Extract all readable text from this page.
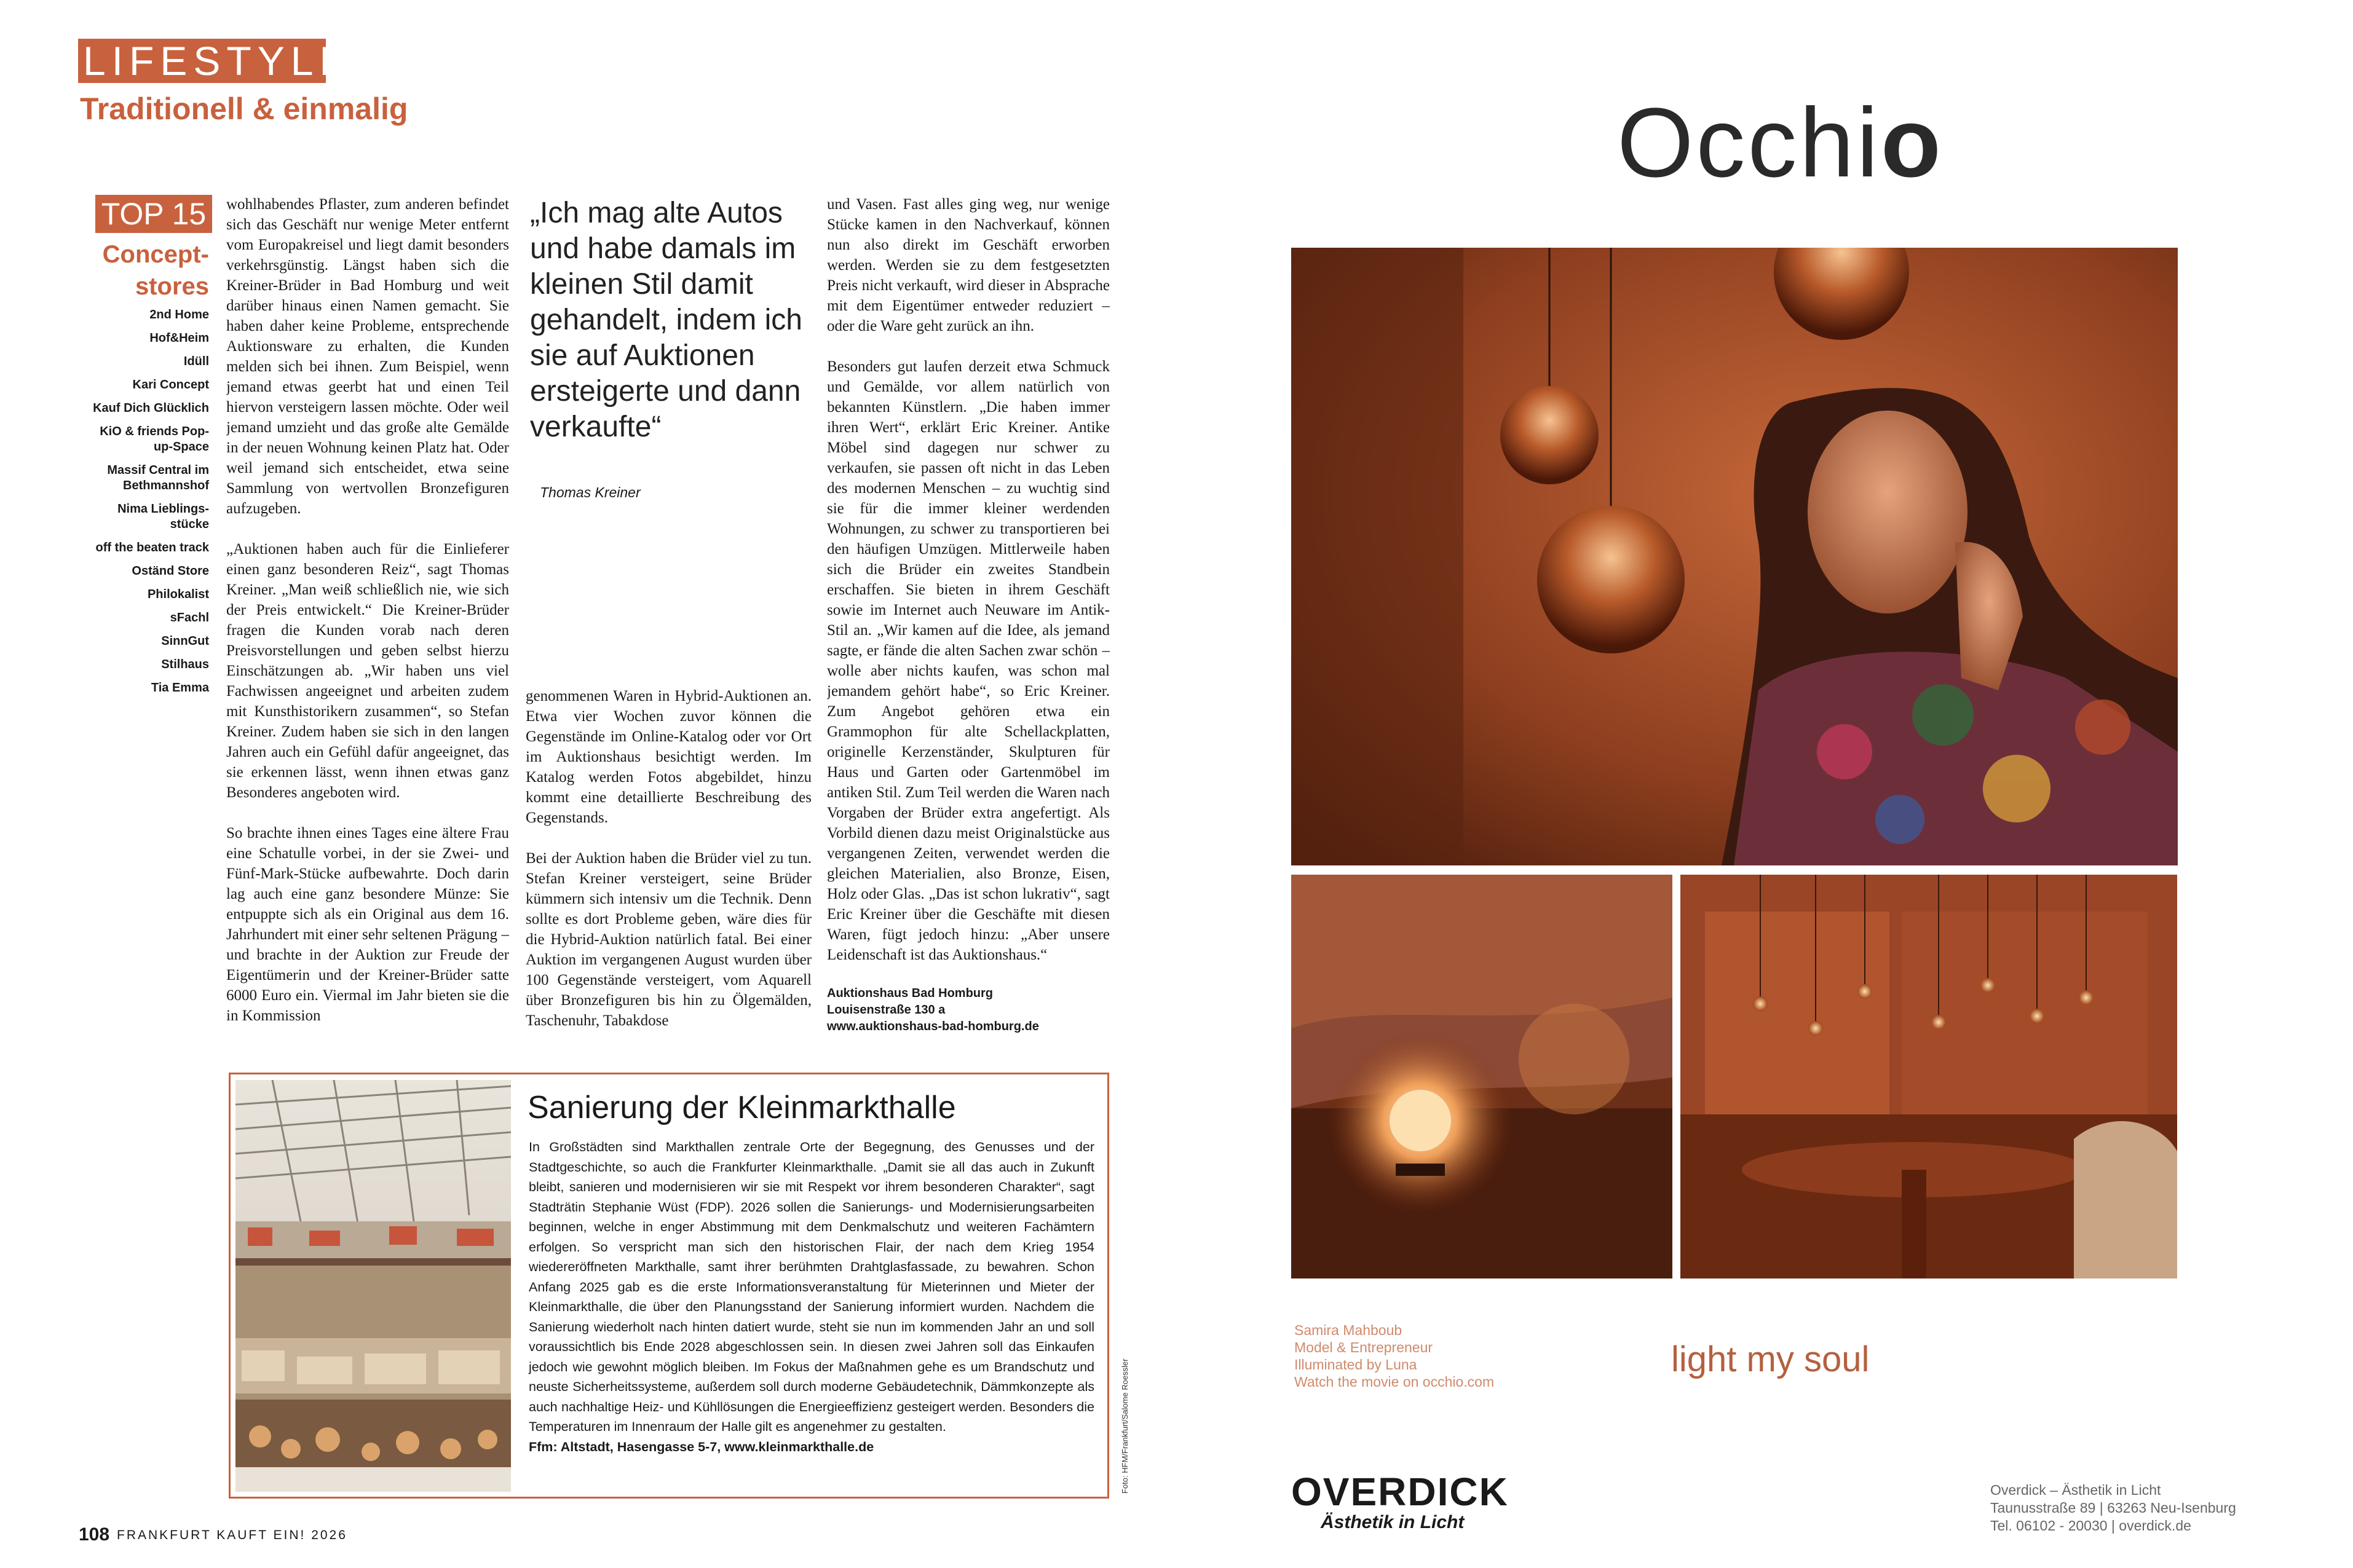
LIFESTYLE
Traditionell & einmalig
TOP 15
Concept-
stores
2nd Home
Hof&Heim
Idüll
Kari Concept
Kauf Dich Glücklich
KiO & friends Pop-up-Space
Massif Central im Bethmannshof
Nima Lieblings-stücke
off the beaten track
Oständ Store
Philokalist
sFachl
SinnGut
Stilhaus
Tia Emma

wohlhabendes Pflaster, zum anderen befindet sich das Geschäft nur wenige Meter entfernt vom Europakreisel und liegt damit besonders verkehrsgünstig. Längst haben sich die Kreiner-Brüder in Bad Homburg und weit darüber hinaus einen Namen gemacht. Sie haben daher keine Probleme, entsprechende Auktionsware zu erhalten, die Kunden melden sich bei ihnen. Zum Beispiel, wenn jemand etwas geerbt hat und einen Teil hiervon versteigern lassen möchte. Oder weil jemand umzieht und das große alte Gemälde in der neuen Wohnung keinen Platz hat. Oder weil jemand sich entscheidet, etwa seine Sammlung von wertvollen Bronzefiguren aufzugeben.

„Auktionen haben auch für die Einlieferer einen ganz besonderen Reiz“, sagt Thomas Kreiner. „Man weiß schließlich nie, wie sich der Preis entwickelt.“ Die Kreiner-Brüder fragen die Kunden vorab nach deren Preisvorstellungen und geben selbst hierzu Einschätzungen ab. „Wir haben uns viel Fachwissen angeeignet und arbeiten zudem mit Kunsthistorikern zusammen“, so Stefan Kreiner. Zudem haben sie sich in den langen Jahren auch ein Gefühl dafür angeeignet, das sie erkennen lässt, wenn ihnen etwas ganz Besonderes angeboten wird.

So brachte ihnen eines Tages eine ältere Frau eine Schatulle vorbei, in der sie Zwei- und Fünf-Mark-Stücke aufbewahrte. Doch darin lag auch eine ganz besondere Münze: Sie entpuppte sich als ein Original aus dem 16. Jahrhundert mit einer sehr seltenen Prägung – und brachte in der Auktion zur Freude der Eigentümerin und der Kreiner-Brüder satte 6000 Euro ein. Viermal im Jahr bieten sie die in Kommission

„Ich mag alte Autos und habe damals im kleinen Stil damit gehandelt, indem ich sie auf Auktionen ersteigerte und dann verkaufte“
Thomas Kreiner

genommenen Waren in Hybrid-Auktionen an. Etwa vier Wochen zuvor können die Gegenstände im Online-Katalog oder vor Ort im Auktionshaus besichtigt werden. Im Katalog werden Fotos abgebildet, hinzu kommt eine detaillierte Beschreibung des Gegenstands.

Bei der Auktion haben die Brüder viel zu tun. Stefan Kreiner versteigert, seine Brüder kümmern sich intensiv um die Technik. Denn sollte es dort Probleme geben, wäre dies für die Hybrid-Auktion natürlich fatal. Bei einer Auktion im vergangenen August wurden über 100 Gegenstände versteigert, vom Aquarell über Bronzefiguren bis hin zu Ölgemälden, Taschenuhr, Tabakdose

und Vasen. Fast alles ging weg, nur wenige Stücke kamen in den Nachverkauf, können nun also direkt im Geschäft erworben werden. Werden sie zu dem festgesetzten Preis nicht verkauft, wird dieser in Absprache mit dem Eigentümer entweder reduziert – oder die Ware geht zurück an ihn.

Besonders gut laufen derzeit etwa Schmuck und Gemälde, vor allem natürlich von bekannten Künstlern. „Die haben immer ihren Wert“, erklärt Eric Kreiner. Antike Möbel sind dagegen nur schwer zu verkaufen, sie passen oft nicht in das Leben des modernen Menschen – zu wuchtig sind sie für die immer kleiner werdenden Wohnungen, zu schwer zu transportieren bei den häufigen Umzügen. Mittlerweile haben sich die Brüder ein zweites Standbein erschaffen. Sie bieten in ihrem Geschäft sowie im Internet auch Neuware im Antik-Stil an. „Wir kamen auf die Idee, als jemand sagte, er fände die alten Sachen zwar schön – wolle aber nichts kaufen, was schon mal jemandem gehört habe“, so Eric Kreiner. Zum Angebot gehören etwa ein Grammophon für alte Schellackplatten, originelle Kerzenständer, Skulpturen für Haus und Garten oder Gartenmöbel im antiken Stil. Zum Teil werden die Waren nach Vorgaben der Brüder extra angefertigt. Als Vorbild dienen dazu meist Originalstücke aus vergangenen Zeiten, verwendet werden die gleichen Materialien, also Bronze, Eisen, Holz oder Glas. „Das ist schon lukrativ“, sagt Eric Kreiner über die Geschäfte mit diesen Waren, fügt jedoch hinzu: „Aber unsere Leidenschaft ist das Auktionshaus.“

Auktionshaus Bad Homburg

Louisenstraße 130 a

www.auktionshaus-bad-homburg.de

Sanierung der Kleinmarkthalle
In Großstädten sind Markthallen zentrale Orte der Begegnung, des Genusses und der Stadtgeschichte, so auch die Frankfurter Kleinmarkthalle. „Damit sie all das auch in Zukunft bleibt, sanieren und modernisieren wir sie mit Respekt vor ihrem besonderen Charakter“, sagt Stadträtin Stephanie Wüst (FDP). 2026 sollen die Sanierungs- und Modernisierungsarbeiten beginnen, welche in enger Abstimmung mit dem Denkmalschutz und weiteren Fachämtern erfolgen. So verspricht man sich den historischen Flair, der nach dem Krieg 1954 wiedereröffneten Markthalle, samt ihrer berühmten Drahtglasfassade, zu bewahren. Schon Anfang 2025 gab es die erste Informationsveranstaltung für Mieterinnen und Mieter der Kleinmarkthalle, die über den Planungsstand der Sanierung informiert wurden. Nachdem die Sanierung wiederholt nach hinten datiert wurde, steht sie nun im kommenden Jahr an und soll voraussichtlich bis Ende 2028 abgeschlossen sein. In diesen zwei Jahren soll das Einkaufen jedoch wie gewohnt möglich bleiben. Im Fokus der Maßnahmen gehe es um Brandschutz und neuste Sicherheitssysteme, außerdem soll durch moderne Gebäudetechnik, Dämmkonzepte als auch nachhaltige Heiz- und Kühllösungen die Energieeffizienz gesteigert werden. Besonders die Temperaturen im Innenraum der Halle gilt es angenehmer zu gestalten.
Ffm: Altstadt, Hasengasse 5-7, www.kleinmarkthalle.de	Foto: HFM/Frankfurt/Salome Roessler
108 FRANKFURT KAUFT EIN! 2026
Occhio
Samira Mahboub
Model & Entrepreneur
Illuminated by Luna
Watch the movie on occhio.com
light my soul
OVERDICK
Ästhetik in Licht
Overdick – Ästhetik in Licht
Taunusstraße 89 | 63263 Neu-Isenburg
Tel. 06102 - 20030 | overdick.de
